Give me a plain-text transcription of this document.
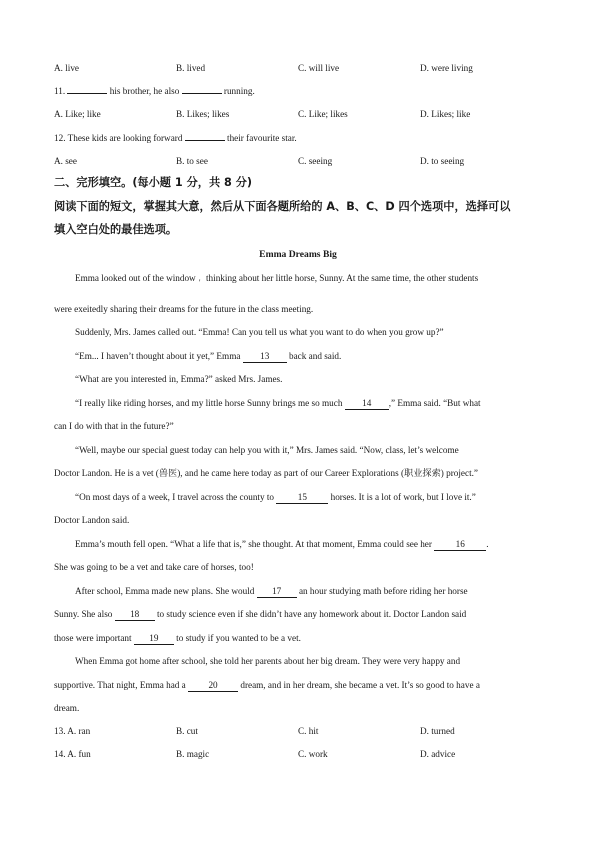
A. live	B. lived	C. will live	D. were living
11.	his brother, he also	running.
A. Like; like	B. Likes; likes	C. Like; likes	D. Likes; like
12. These kids are looking forward	their favourite star.
A. see	B. to see	C. seeing	D. to seeing
二、完形填空。(每小题 1 分，共 8 分)
阅读下面的短文，掌握其大意，然后从下面各题所给的 A、B、C、D 四个选项中，选择可以
填入空白处的最佳选项。
Emma Dreams Big
Emma looked out of the window ' thinking about her little horse, Sunny. At the same time, the other students
were exeitedly sharing their dreams for the future in the class meeting.
Suddenly, Mrs. James called out. “Emma! Can you tell us what you want to do when you grow up?”
“Em... I haven’t thought about it yet,” Emma 13 back and said.
“What are you interested in, Emma?” asked Mrs. James.
“I really like riding horses, and my little horse Sunny brings me so much 14 ,” Emma said. “But what
can I do with that in the future?”
“Well, maybe our special guest today can help you with it,” Mrs. James said. “Now, class, let’s welcome
Doctor Landon. He is a vet (兽医), and he came here today as part of our Career Explorations (职业探索) project.”
“On most days of a week, I travel across the county to 15 horses. It is a lot of work, but I love it.”
Doctor Landon said.
Emma’s mouth fell open. “What a life that is,” she thought. At that moment, Emma could see her 16 .
She was going to be a vet and take care of horses, too!
After school, Emma made new plans. She would 17 an hour studying math before riding her horse
Sunny. She also 18 to study science even if she didn’t have any homework about it. Doctor Landon said
those were important 19 to study if you wanted to be a vet.
When Emma got home after school, she told her parents about her big dream. They were very happy and
supportive. That night, Emma had a 20 dream, and in her dream, she became a vet. It’s so good to have a
dream.
13. A. ran	B. cut	C. hit	D. turned
14. A. fun	B. magic	C. work	D. advice
